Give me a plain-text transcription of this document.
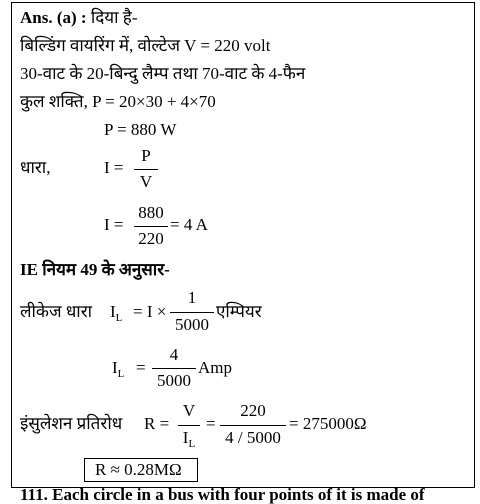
Ans. (a) : दिया है-
बिल्डिंग वायरिंग में, वोल्टेज V = 220 volt
30-वाट के 20-बिन्दु लैम्प तथा 70-वाट के 4-फैन
कुल शक्ति, P = 20×30 + 4×70
P = 880 W
धारा,	I =
P
V
I =
880
220
= 4 A
IE नियम 49 के अनुसार-
लीकेज धारा $I_L = I$ ×
1
5000
एम्पियर
$I_L$ =
4
5000
Amp
इंसुलेशन प्रतिरोध R =
V
$I_L$
=
220
4 / 5000
= 275000Ω
R ≈ 0.28MΩ
111. Each circle in a bus with four points of it is made of
